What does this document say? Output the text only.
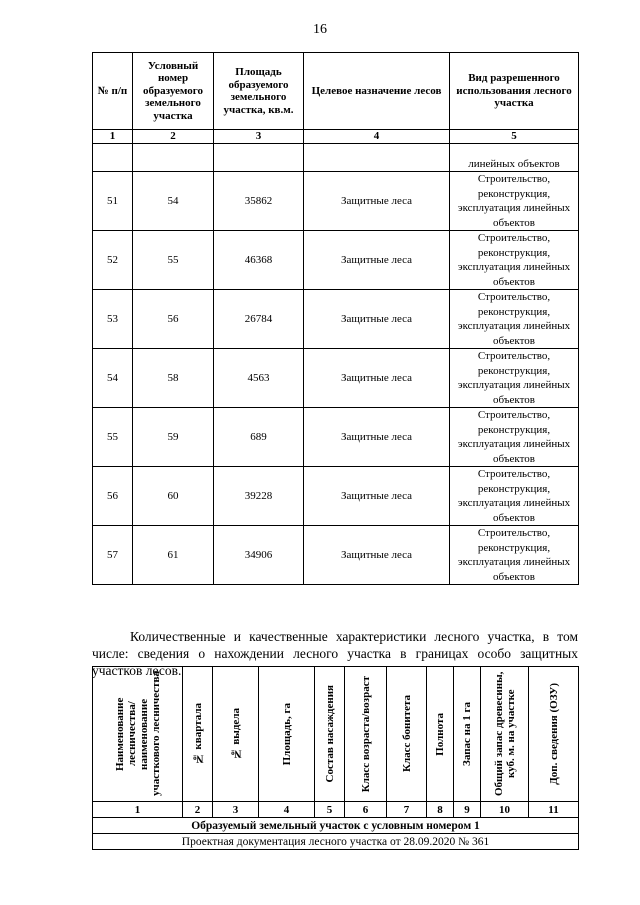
16
№ п/п	Условный номер образуемого земельного участка	Площадь образуемого земельного участка, кв.м.	Целевое назначение лесов	Вид разрешенного использования лесного участка
1	2	3	4	5
				линейных объектов
51	54	35862	Защитные леса	Строительство, реконструкция, эксплуатация линейных объектов
52	55	46368	Защитные леса	Строительство, реконструкция, эксплуатация линейных объектов
53	56	26784	Защитные леса	Строительство, реконструкция, эксплуатация линейных объектов
54	58	4563	Защитные леса	Строительство, реконструкция, эксплуатация линейных объектов
55	59	689	Защитные леса	Строительство, реконструкция, эксплуатация линейных объектов
56	60	39228	Защитные леса	Строительство, реконструкция, эксплуатация линейных объектов
57	61	34906	Защитные леса	Строительство, реконструкция, эксплуатация линейных объектов

Количественные и качественные характеристики лесного участка, в том числе: сведения о нахождении лесного участка в границах особо защитных участков лесов.

Наименование лесничества/ наименование участкового лесничества	№ квартала	№ выдела	Площадь, га	Состав насаждения	Класс возраста/возраст	Класс бонитета	Полнота	Запас на 1 га	Общий запас древесины, куб. м. на участке	Доп. сведения (ОЗУ)

1	2	3	4	5	6	7	8	9	10	11
Образуемый земельный участок с условным номером 1										
Проектная документация лесного участка от 28.09.2020 № 361										
